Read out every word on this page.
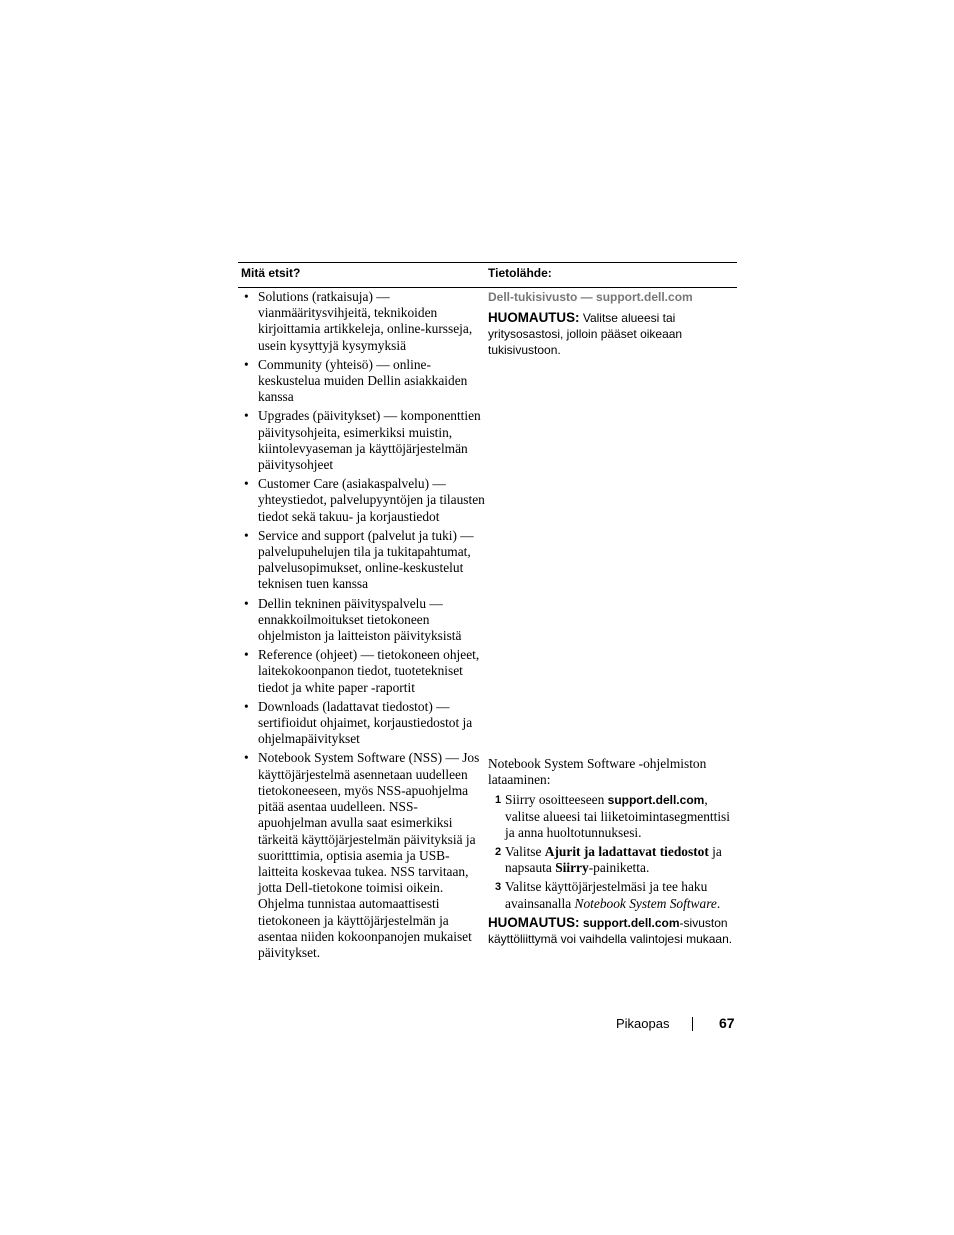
Mitä etsit?	Tietolähde:
• Solutions (ratkaisuja) — vianmääritysvihjeitä, teknikoiden kirjoittamia artikkeleja, online-kursseja, usein kysyttyjä kysymyksiä
• Community (yhteisö) — online-keskustelua muiden Dellin asiakkaiden kanssa
• Upgrades (päivitykset) — komponenttien päivitysohjeita, esimerkiksi muistin, kiintolevyaseman ja käyttöjärjestelmän päivitysohjeet
• Customer Care (asiakaspalvelu) — yhteystiedot, palvelupyyntöjen ja tilausten tiedot sekä takuu- ja korjaustiedot
• Service and support (palvelut ja tuki) — palvelupuhelujen tila ja tukitapahtumat, palvelusopimukset, online-keskustelut teknisen tuen kanssa
• Dellin tekninen päivityspalvelu — ennakkoilmoitukset tietokoneen ohjelmiston ja laitteiston päivityksistä
• Reference (ohjeet) — tietokoneen ohjeet, laitekokoonpanon tiedot, tuotetekniset tiedot ja white paper -raportit
• Downloads (ladattavat tiedostot) — sertifioidut ohjaimet, korjaustiedostot ja ohjelmapäivitykset
• Notebook System Software (NSS) — Jos käyttöjärjestelmä asennetaan uudelleen tietokoneeseen, myös NSS-apuohjelma pitää asentaa uudelleen. NSS-apuohjelman avulla saat esimerkiksi tärkeitä käyttöjärjestelmän päivityksiä ja suoritttimia, optisia asemia ja USB-laitteita koskevaa tukea. NSS tarvitaan, jotta Dell-tietokone toimisi oikein. Ohjelma tunnistaa automaattisesti tietokoneen ja käyttöjärjestelmän ja asentaa niiden kokoonpanojen mukaiset päivitykset.
Dell-tukisivusto — support.dell.com
HUOMAUTUS: Valitse alueesi tai yritysosastosi, jolloin pääset oikeaan tukisivustoon.
Notebook System Software -ohjelmiston lataaminen:
1 Siirry osoitteeseen support.dell.com, valitse alueesi tai liiketoimintasegmenttisi ja anna huoltotunnuksesi.
2 Valitse Ajurit ja ladattavat tiedostot ja napsauta Siirry-painiketta.
3 Valitse käyttöjärjestelmäsi ja tee haku avainsanalla Notebook System Software.
HUOMAUTUS: support.dell.com-sivuston käyttöliittymä voi vaihdella valintojesi mukaan.
Pikaopas	67
